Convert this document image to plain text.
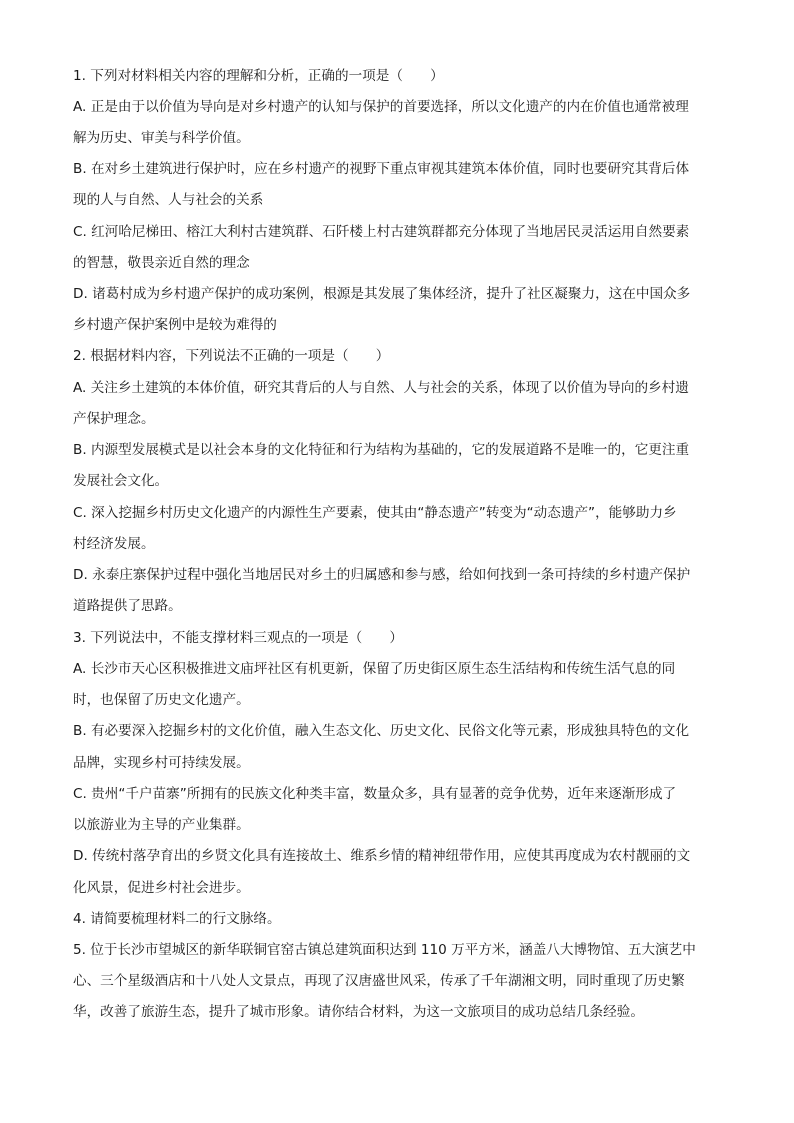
1. 下列对材料相关内容的理解和分析，正确的一项是（　　）
A. 正是由于以价值为导向是对乡村遗产的认知与保护的首要选择，所以文化遗产的内在价值也通常被理
解为历史、审美与科学价值。
B. 在对乡土建筑进行保护时，应在乡村遗产的视野下重点审视其建筑本体价值，同时也要研究其背后体
现的人与自然、人与社会的关系
C. 红河哈尼梯田、榕江大利村古建筑群、石阡楼上村古建筑群都充分体现了当地居民灵活运用自然要素
的智慧，敬畏亲近自然的理念
D. 诸葛村成为乡村遗产保护的成功案例，根源是其发展了集体经济，提升了社区凝聚力，这在中国众多
乡村遗产保护案例中是较为难得的
2. 根据材料内容，下列说法不正确的一项是（　　）
A. 关注乡土建筑的本体价值，研究其背后的人与自然、人与社会的关系，体现了以价值为导向的乡村遗
产保护理念。
B. 内源型发展模式是以社会本身的文化特征和行为结构为基础的，它的发展道路不是唯一的，它更注重
发展社会文化。
C. 深入挖掘乡村历史文化遗产的内源性生产要素，使其由“静态遗产”转变为“动态遗产”，能够助力乡
村经济发展。
D. 永泰庄寨保护过程中强化当地居民对乡土的归属感和参与感，给如何找到一条可持续的乡村遗产保护
道路提供了思路。
3. 下列说法中，不能支撑材料三观点的一项是（　　）
A. 长沙市天心区积极推进文庙坪社区有机更新，保留了历史街区原生态生活结构和传统生活气息的同
时，也保留了历史文化遗产。
B. 有必要深入挖掘乡村的文化价值，融入生态文化、历史文化、民俗文化等元素，形成独具特色的文化
品牌，实现乡村可持续发展。
C. 贵州“千户苗寨”所拥有的民族文化种类丰富，数量众多，具有显著的竞争优势，近年来逐渐形成了
以旅游业为主导的产业集群。
D. 传统村落孕育出的乡贤文化具有连接故土、维系乡情的精神纽带作用，应使其再度成为农村靓丽的文
化风景，促进乡村社会进步。
4. 请简要梳理材料二的行文脉络。
5. 位于长沙市望城区的新华联铜官窑古镇总建筑面积达到 110 万平方米，涵盖八大博物馆、五大演艺中
心、三个星级酒店和十八处人文景点，再现了汉唐盛世风采，传承了千年湖湘文明，同时重现了历史繁
华，改善了旅游生态，提升了城市形象。请你结合材料，为这一文旅项目的成功总结几条经验。
